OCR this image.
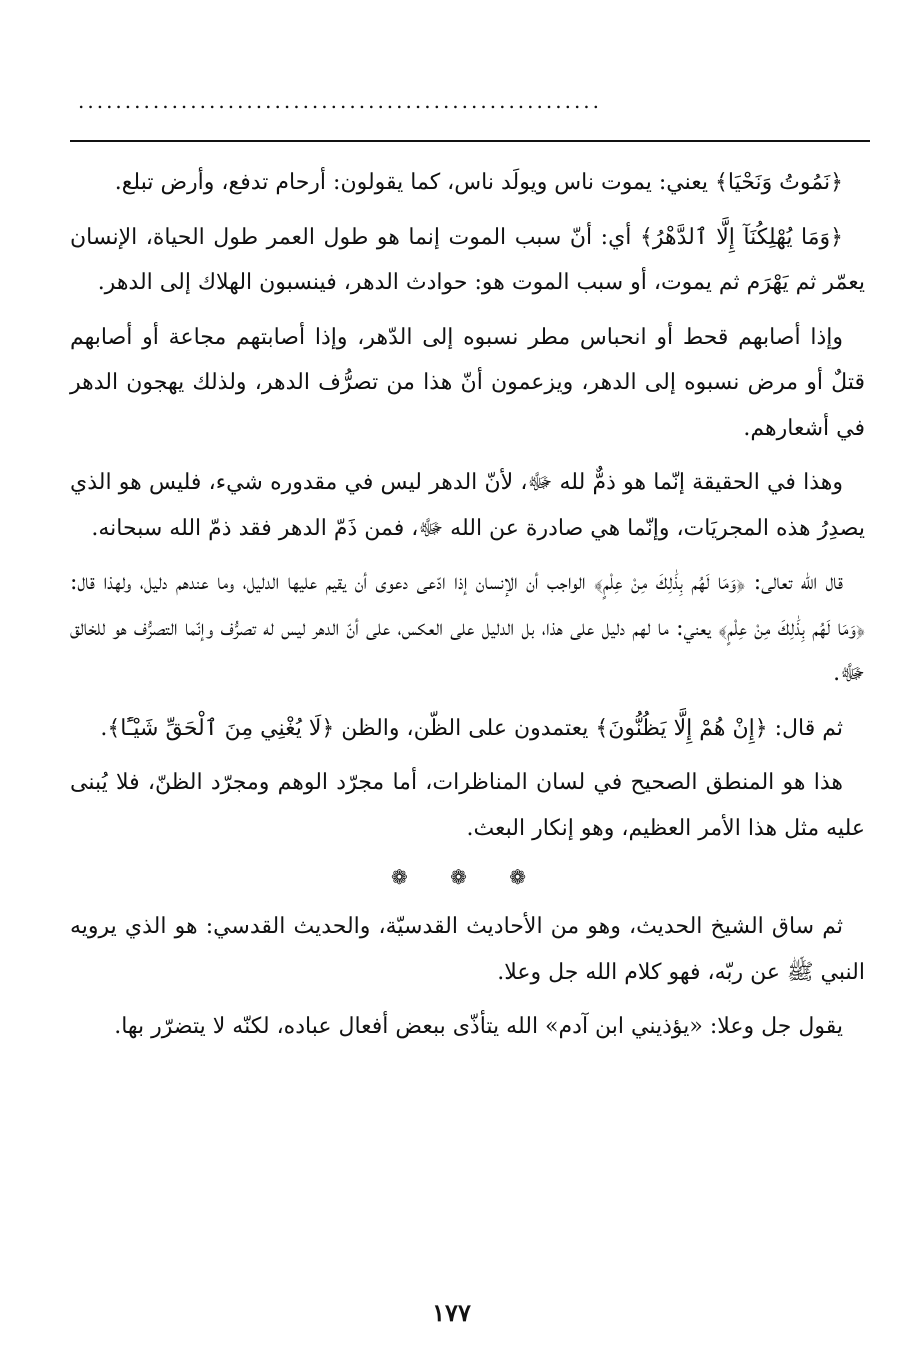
........................................................

﴿نَمُوتُ وَنَحْيَا﴾ يعني: يموت ناس ويولَد ناس، كما يقولون: أرحام تدفع، وأرض تبلع.

﴿وَمَا يُهْلِكُنَآ إِلَّا ٱلدَّهْرُ﴾ أي: أنّ سبب الموت إنما هو طول العمر طول الحياة، الإنسان يعمّر ثم يَهْرَم ثم يموت، أو سبب الموت هو: حوادث الدهر، فينسبون الهلاك إلى الدهر.

وإذا أصابهم قحط أو انحباس مطر نسبوه إلى الدّهر، وإذا أصابتهم مجاعة أو أصابهم قتلٌ أو مرض نسبوه إلى الدهر، ويزعمون أنّ هذا من تصرُّف الدهر، ولذلك يهجون الدهر في أشعارهم.

وهذا في الحقيقة إنّما هو ذمٌّ لله ﷻ، لأنّ الدهر ليس في مقدوره شيء، فليس هو الذي يصدِرُ هذه المجريَات، وإنّما هي صادرة عن الله ﷻ، فمن ذَمّ الدهر فقد ذمّ الله سبحانه.

قال الله تعالى: ﴿وَمَا لَهُم بِذَٰلِكَ مِنْ عِلْمٍ﴾ الواجب أن الإنسان إذا ادّعى دعوى أن يقيم عليها الدليل، وما عندهم دليل، ولهذا قال: ﴿وَمَا لَهُم بِذَٰلِكَ مِنْ عِلْمٍ﴾ يعني: ما لهم دليل على هذا، بل الدليل على العكس، على أنّ الدهر ليس له تصرُّف وإنّما التصرُّف هو للخالق ﷻ.

ثم قال: ﴿إِنْ هُمْ إِلَّا يَظُنُّونَ﴾ يعتمدون على الظّن، والظن ﴿لَا يُغْنِي مِنَ ٱلْحَقِّ شَيْـًٔا﴾.

هذا هو المنطق الصحيح في لسان المناظرات، أما مجرّد الوهم ومجرّد الظنّ، فلا يُبنى عليه مثل هذا الأمر العظيم، وهو إنكار البعث.

❁ ❁ ❁

ثم ساق الشيخ الحديث، وهو من الأحاديث القدسيّة، والحديث القدسي: هو الذي يرويه النبي ﷺ عن ربّه، فهو كلام الله جل وعلا.

يقول جل وعلا: «يؤذيني ابن آدم» الله يتأذّى ببعض أفعال عباده، لكنّه لا يتضرّر بها.

١٧٧
